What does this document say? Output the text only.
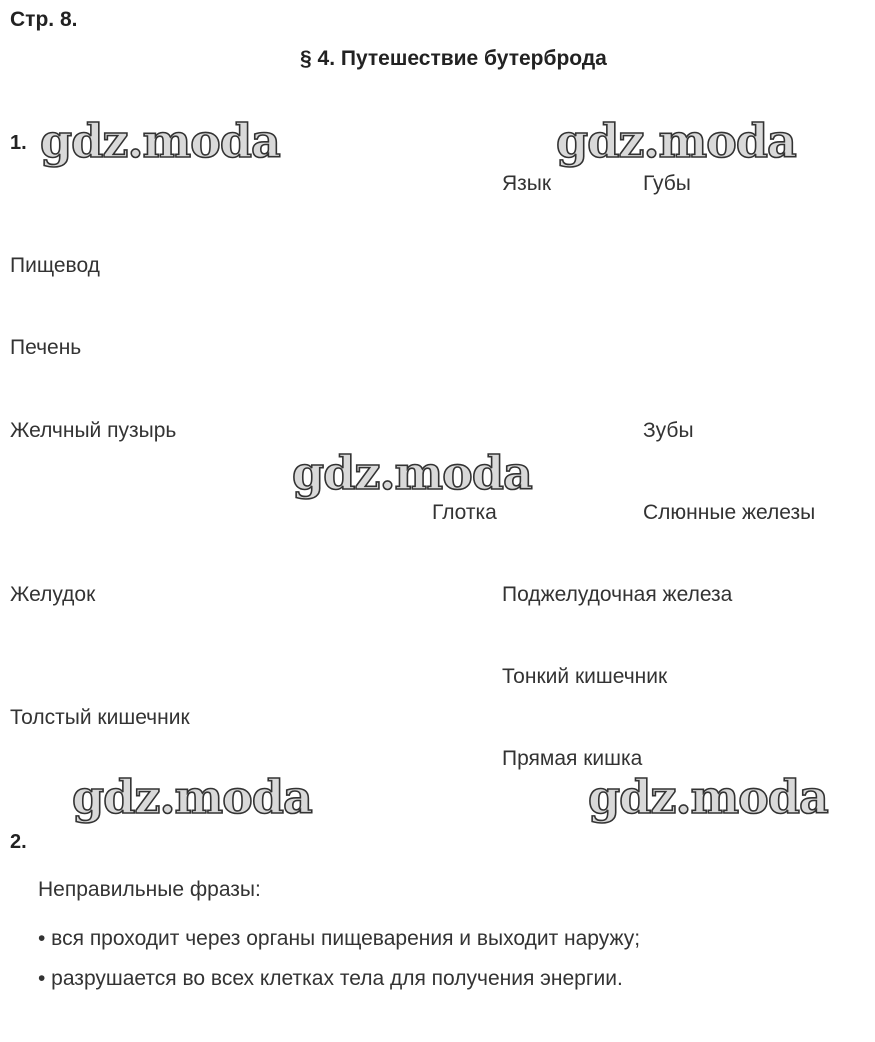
Стр. 8.
§ 4. Путешествие бутерброда
gdz.moda	gdz.moda
gdz.moda
gdz.moda	gdz.moda
1.
Язык	Губы
Пищевод
Печень
Желчный пузырь	Зубы
Глотка	Слюнные железы
Желудок	Поджелудочная железа
Тонкий кишечник
Толстый кишечник
Прямая кишка
2.
Неправильные фразы:
• вся проходит через органы пищеварения и выходит наружу;
• разрушается во всех клетках тела для получения энергии.
